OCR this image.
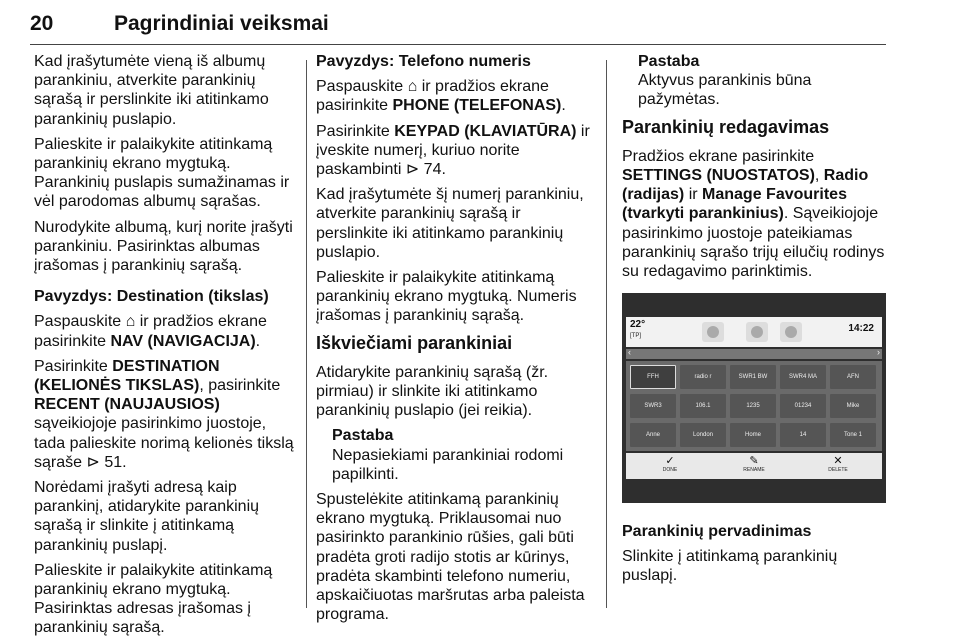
20	Pagrindiniai veiksmai

Kad įrašytumėte vieną iš albumų parankiniu, atverkite parankinių sąrašą ir perslinkite iki atitinkamo parankinių puslapio.

Palieskite ir palaikykite atitinkamą parankinių ekrano mygtuką. Parankinių puslapis sumažinamas ir vėl parodomas albumų sąrašas.

Nurodykite albumą, kurį norite įrašyti parankiniu. Pasirinktas albumas įrašomas į parankinių sąrašą.

Pavyzdys: Destination (tikslas)

Paspauskite ⌂ ir pradžios ekrane pasirinkite NAV (NAVIGACIJA).

Pasirinkite DESTINATION (KELIONĖS TIKSLAS), pasirinkite RECENT (NAUJAUSIOS) sąveikiojoje pasirinkimo juostoje, tada palieskite norimą kelionės tikslą sąraše ⊳ 51.

Norėdami įrašyti adresą kaip parankinį, atidarykite parankinių sąrašą ir slinkite į atitinkamą parankinių puslapį.

Palieskite ir palaikykite atitinkamą parankinių ekrano mygtuką. Pasirinktas adresas įrašomas į parankinių sąrašą.

Pavyzdys: Telefono numeris

Paspauskite ⌂ ir pradžios ekrane pasirinkite PHONE (TELEFONAS).

Pasirinkite KEYPAD (KLAVIATŪRA) ir įveskite numerį, kuriuo norite paskambinti ⊳ 74.

Kad įrašytumėte šį numerį parankiniu, atverkite parankinių sąrašą ir perslinkite iki atitinkamo parankinių puslapio.

Palieskite ir palaikykite atitinkamą parankinių ekrano mygtuką. Numeris įrašomas į parankinių sąrašą.

Iškviečiami parankiniai

Atidarykite parankinių sąrašą (žr. pirmiau) ir slinkite iki atitinkamo parankinių puslapio (jei reikia).

Pastaba

Nepasiekiami parankiniai rodomi papilkinti.

Spustelėkite atitinkamą parankinių ekrano mygtuką. Priklausomai nuo pasirinkto parankinio rūšies, gali būti pradėta groti radijo stotis ar kūrinys, pradėta skambinti telefono numeriu, apskaičiuotas maršrutas arba paleista programa.

Pastaba

Aktyvus parankinis būna pažymėtas.

Parankinių redagavimas

Pradžios ekrane pasirinkite SETTINGS (NUOSTATOS), Radio (radijas) ir Manage Favourites (tvarkyti parankinius). Sąveikiojoje pasirinkimo juostoje pateikiamas parankinių sąrašo trijų eilučių rodinys su redagavimo parinktimis.

Parankinių pervadinimas

Slinkite į atitinkamą parankinių puslapį.

22°
[TP]
14:22
‹	›
FFH	radio r	SWR1 BW	SWR4 MA	AFN
SWR3	106.1	1235	01234	Mike
Anne	London	Home	14	Tone 1
✓
DONE
✎
RENAME
✕
DELETE
